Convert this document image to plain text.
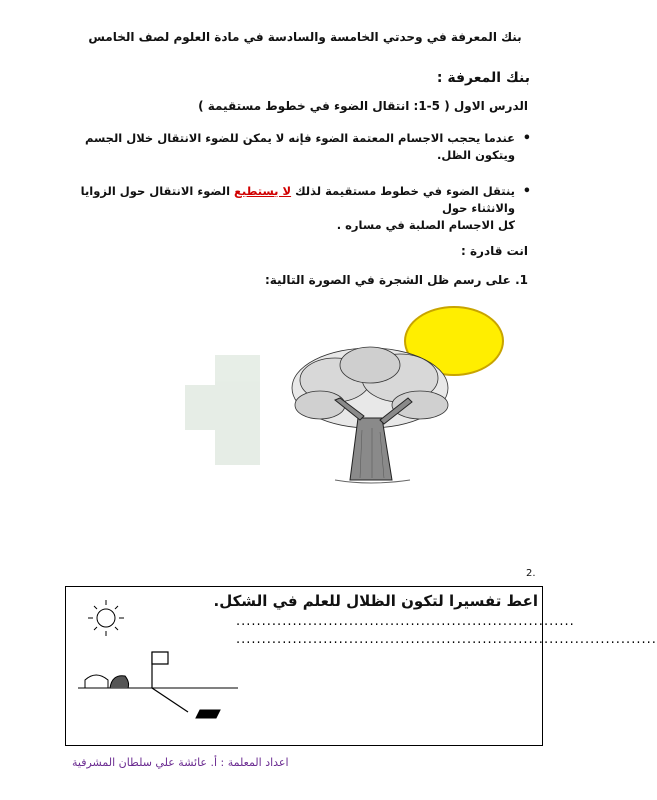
بنك المعرفة في وحدتي الخامسة والسادسة في مادة العلوم لصف الخامس
بنك المعرفة :
الدرس الاول ( 5-1: انتقال الضوء في خطوط مستقيمة )
•
عندما يحجب الاجسام المعتمة الضوء فإنه لا يمكن للضوء الانتقال خلال الجسم ويتكون الظل.
•
ينتقل الضوء في خطوط مستقيمة لذلك لا يستطيع الضوء الانتقال حول الزوايا والانثناء حول
كل الاجسام الصلبة في مساره .
انت قادرة :
1. على رسم ظل الشجرة في الصورة التالية:
2.
اعط تفسيرا لتكون الظلال للعلم في الشكل.
..................................................................
..................................................................................
اعداد المعلمة : أ. عائشة علي سلطان المشرفية
